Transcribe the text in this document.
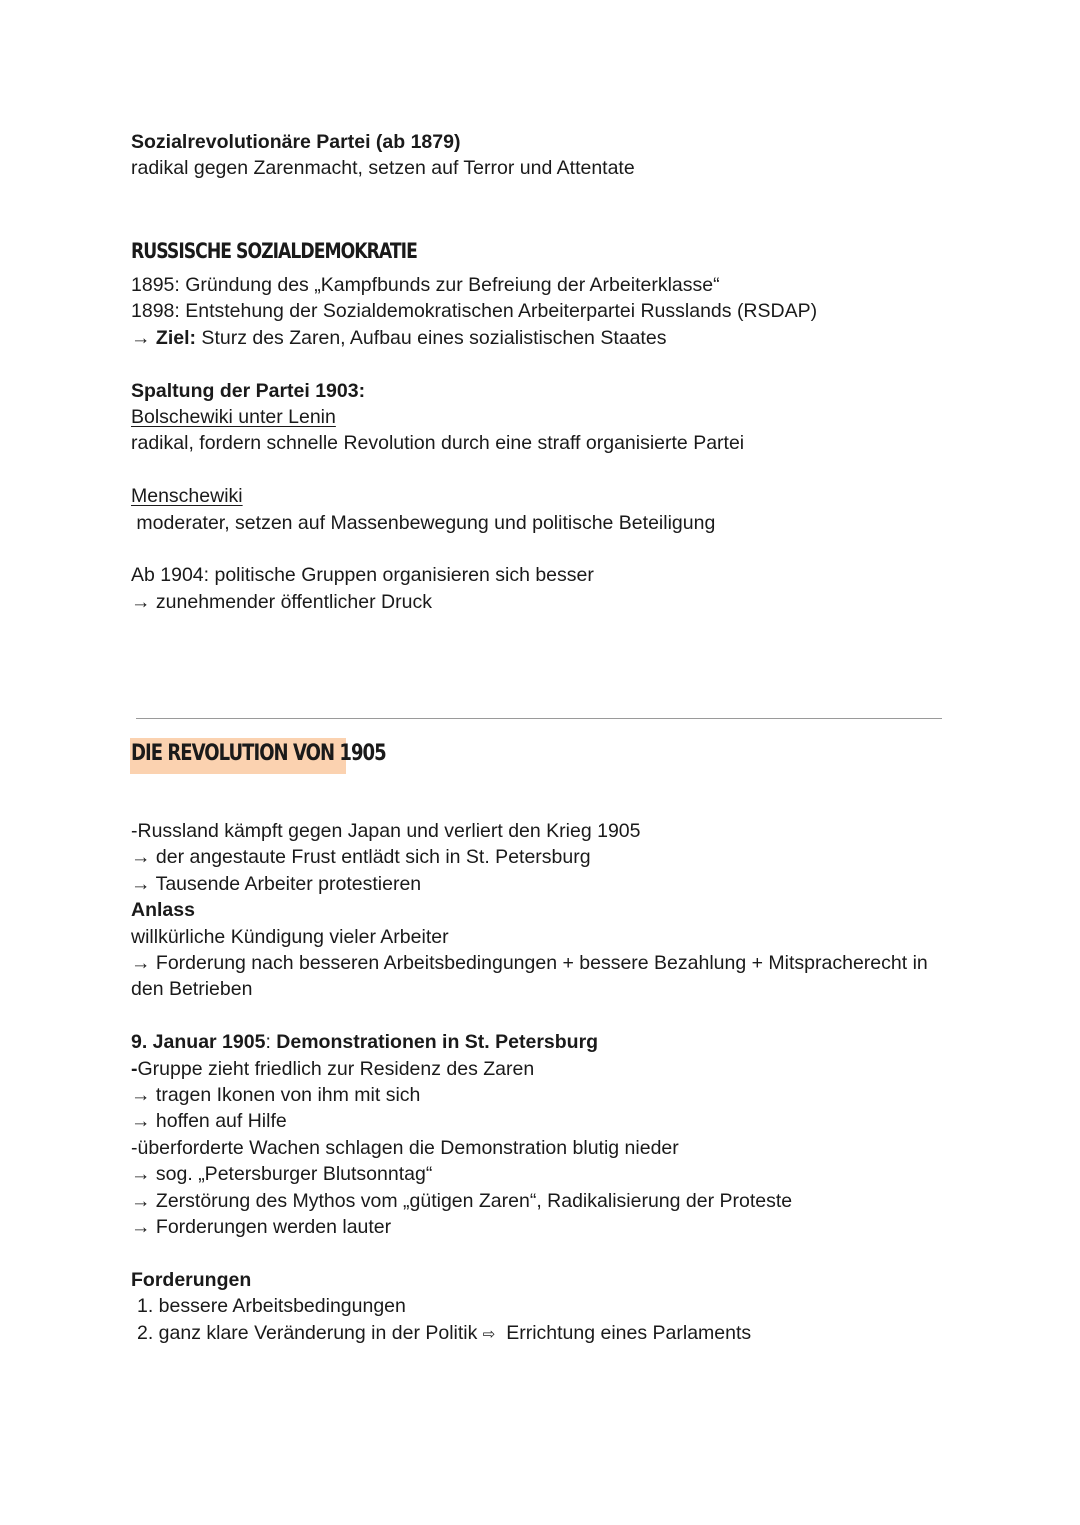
Sozialrevolutionäre Partei (ab 1879)
radikal gegen Zarenmacht, setzen auf Terror und Attentate
RUSSISCHE SOZIALDEMOKRATIE
1895: Gründung des „Kampfbunds zur Befreiung der Arbeiterklasse“
1898: Entstehung der Sozialdemokratischen Arbeiterpartei Russlands (RSDAP)
→ Ziel: Sturz des Zaren, Aufbau eines sozialistischen Staates
Spaltung der Partei 1903:
Bolschewiki unter Lenin
radikal, fordern schnelle Revolution durch eine straff organisierte Partei
Menschewiki
moderater, setzen auf Massenbewegung und politische Beteiligung
Ab 1904: politische Gruppen organisieren sich besser
→ zunehmender öffentlicher Druck
DIE REVOLUTION VON 1905
-Russland kämpft gegen Japan und verliert den Krieg 1905
→ der angestaute Frust entlädt sich in St. Petersburg
→ Tausende Arbeiter protestieren
Anlass
willkürliche Kündigung vieler Arbeiter
→ Forderung nach besseren Arbeitsbedingungen + bessere Bezahlung + Mitspracherecht in
den Betrieben
9. Januar 1905: Demonstrationen in St. Petersburg
-Gruppe zieht friedlich zur Residenz des Zaren
→ tragen Ikonen von ihm mit sich
→ hoffen auf Hilfe
-überforderte Wachen schlagen die Demonstration blutig nieder
→ sog. „Petersburger Blutsonntag“
→ Zerstörung des Mythos vom „gütigen Zaren“, Radikalisierung der Proteste
→ Forderungen werden lauter
Forderungen
1. bessere Arbeitsbedingungen
2. ganz klare Veränderung in der Politik ⇨  Errichtung eines Parlaments
